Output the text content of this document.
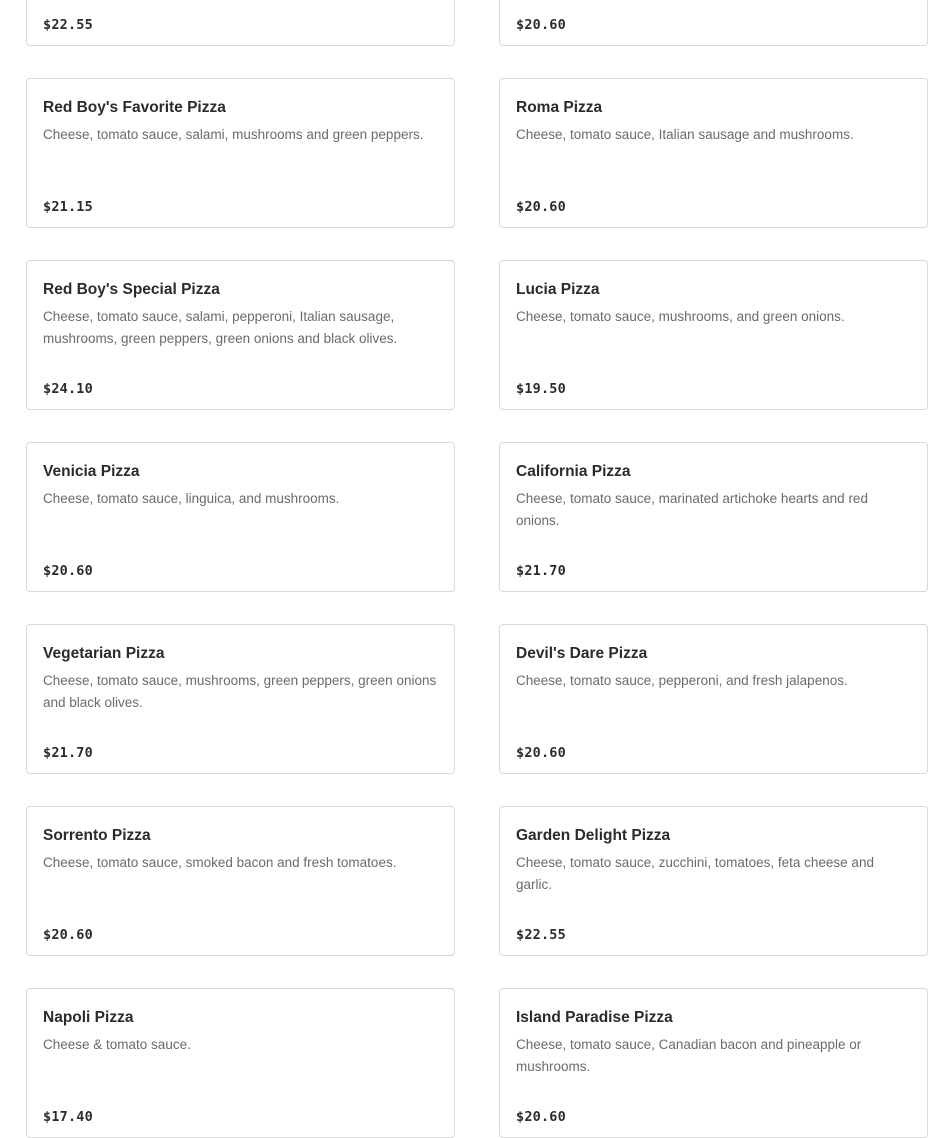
$22.55	$20.60
Red Boy's Favorite Pizza
Cheese, tomato sauce, salami, mushrooms and green peppers.
$21.15
Roma Pizza
Cheese, tomato sauce, Italian sausage and mushrooms.
$20.60
Red Boy's Special Pizza
Cheese, tomato sauce, salami, pepperoni, Italian sausage, mushrooms, green peppers, green onions and black olives.
$24.10
Lucia Pizza
Cheese, tomato sauce, mushrooms, and green onions.
$19.50
Venicia Pizza
Cheese, tomato sauce, linguica, and mushrooms.
$20.60
California Pizza
Cheese, tomato sauce, marinated artichoke hearts and red onions.
$21.70
Vegetarian Pizza
Cheese, tomato sauce, mushrooms, green peppers, green onions and black olives.
$21.70
Devil's Dare Pizza
Cheese, tomato sauce, pepperoni, and fresh jalapenos.
$20.60
Sorrento Pizza
Cheese, tomato sauce, smoked bacon and fresh tomatoes.
$20.60
Garden Delight Pizza
Cheese, tomato sauce, zucchini, tomatoes, feta cheese and garlic.
$22.55
Napoli Pizza
Cheese & tomato sauce.
$17.40
Island Paradise Pizza
Cheese, tomato sauce, Canadian bacon and pineapple or mushrooms.
$20.60
